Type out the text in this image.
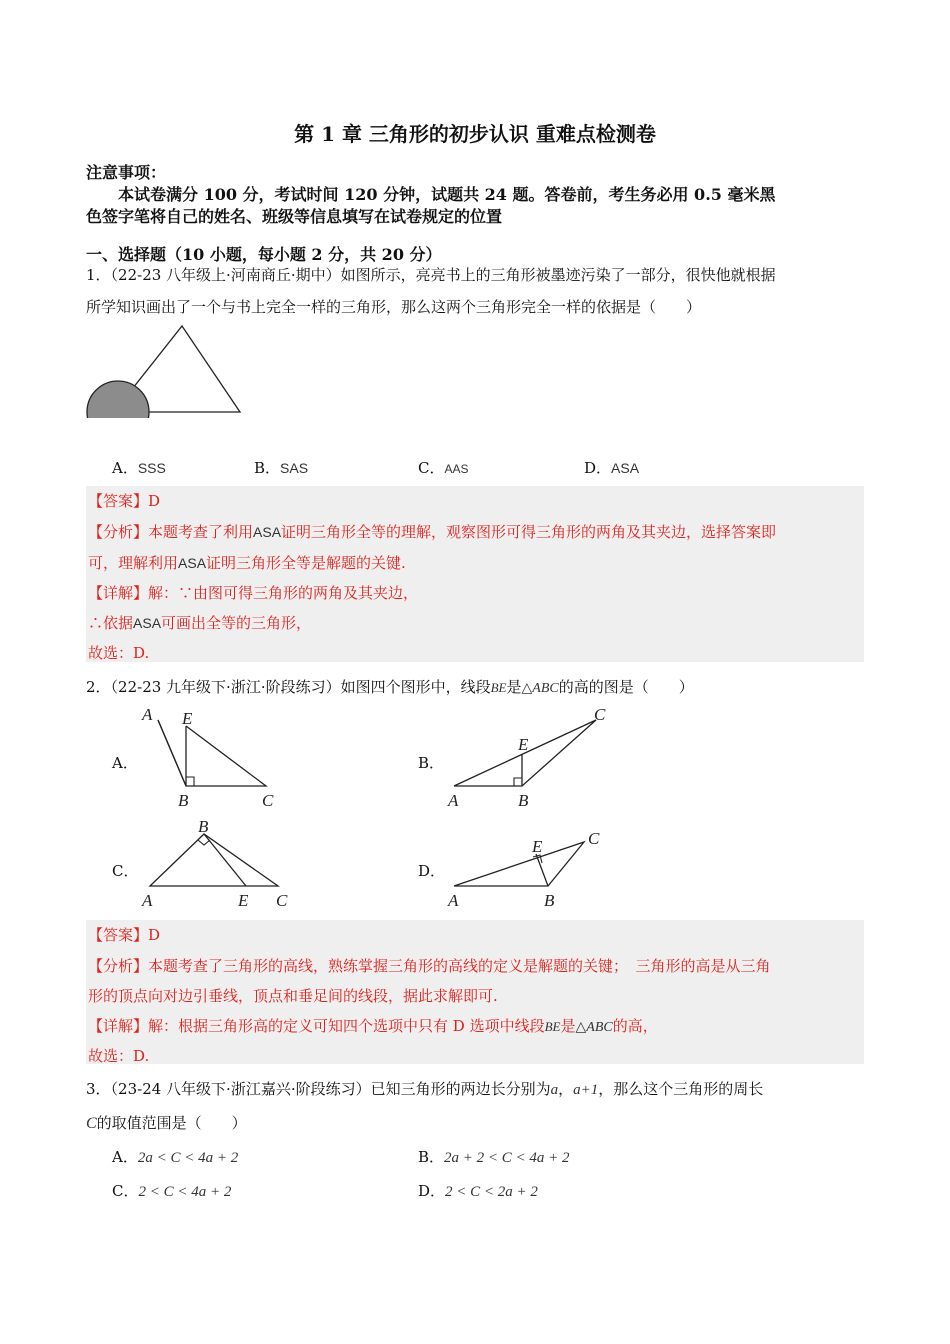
第 1 章 三角形的初步认识 重难点检测卷
注意事项：
本试卷满分 100 分，考试时间 120 分钟，试题共 24 题。答卷前，考生务必用 0.5 毫米黑
色签字笔将自己的姓名、班级等信息填写在试卷规定的位置
一、选择题（10 小题，每小题 2 分，共 20 分）
1．（22-23 八年级上·河南商丘·期中）如图所示，亮亮书上的三角形被墨迹污染了一部分，很快他就根据
所学知识画出了一个与书上完全一样的三角形，那么这两个三角形完全一样的依据是（　　）
A．SSS	B．SAS	C．AAS	D．ASA
【答案】D
【分析】本题考查了利用ASA证明三角形全等的理解，观察图形可得三角形的两角及其夹边，选择答案即
可，理解利用ASA证明三角形全等是解题的关键.
【详解】解：∵由图可得三角形的两角及其夹边，
∴依据ASA可画出全等的三角形，
故选：D.
2．（22-23 九年级下·浙江·阶段练习）如图四个图形中，线段BE是△ABC的高的图是（　　）
A．	B．
C．	D．
A E
B	C	A	B
C
E
B
A	E C	A	B
C
E
【答案】D
【分析】本题考查了三角形的高线，熟练掌握三角形的高线的定义是解题的关键；　三角形的高是从三角
形的顶点向对边引垂线，顶点和垂足间的线段，据此求解即可.
【详解】解：根据三角形高的定义可知四个选项中只有 D 选项中线段BE是△ABC的高，
故选：D.
3．（23-24 八年级下·浙江嘉兴·阶段练习）已知三角形的两边长分别为a，a+1，那么这个三角形的周长
C的取值范围是（　　）
A．2a < C < 4a + 2	B．2a + 2 < C < 4a + 2
C．2 < C < 4a + 2	D．2 < C < 2a + 2
